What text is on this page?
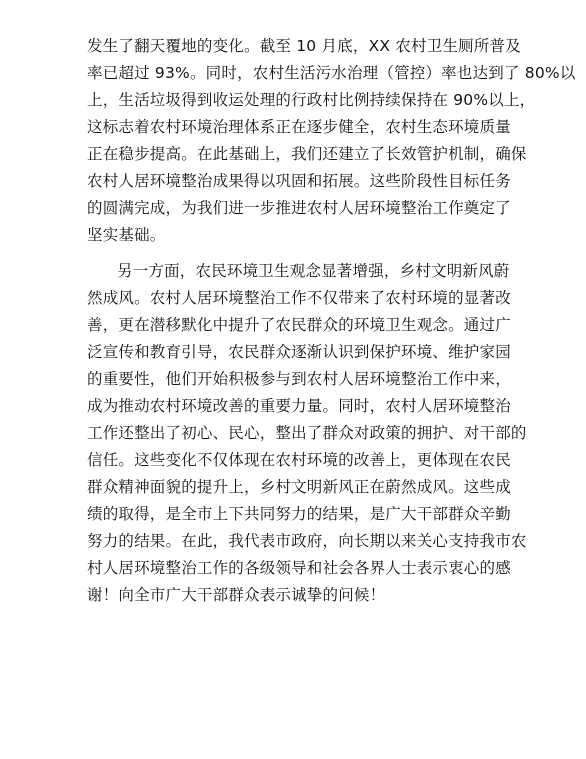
发生了翻天覆地的变化。截至 10 月底，XX 农村卫生厕所普及
率已超过 93%。同时，农村生活污水治理（管控）率也达到了 80%以
上，生活垃圾得到收运处理的行政村比例持续保持在 90%以上，
这标志着农村环境治理体系正在逐步健全，农村生态环境质量
正在稳步提高。在此基础上，我们还建立了长效管护机制，确保
农村人居环境整治成果得以巩固和拓展。这些阶段性目标任务
的圆满完成，为我们进一步推进农村人居环境整治工作奠定了
坚实基础。
另一方面，农民环境卫生观念显著增强，乡村文明新风蔚
然成风。农村人居环境整治工作不仅带来了农村环境的显著改
善，更在潜移默化中提升了农民群众的环境卫生观念。通过广
泛宣传和教育引导，农民群众逐渐认识到保护环境、维护家园
的重要性，他们开始积极参与到农村人居环境整治工作中来，
成为推动农村环境改善的重要力量。同时，农村人居环境整治
工作还整出了初心、民心，整出了群众对政策的拥护、对干部的
信任。这些变化不仅体现在农村环境的改善上，更体现在农民
群众精神面貌的提升上，乡村文明新风正在蔚然成风。这些成
绩的取得，是全市上下共同努力的结果，是广大干部群众辛勤
努力的结果。在此，我代表市政府，向长期以来关心支持我市农
村人居环境整治工作的各级领导和社会各界人士表示衷心的感
谢！向全市广大干部群众表示诚挚的问候！
